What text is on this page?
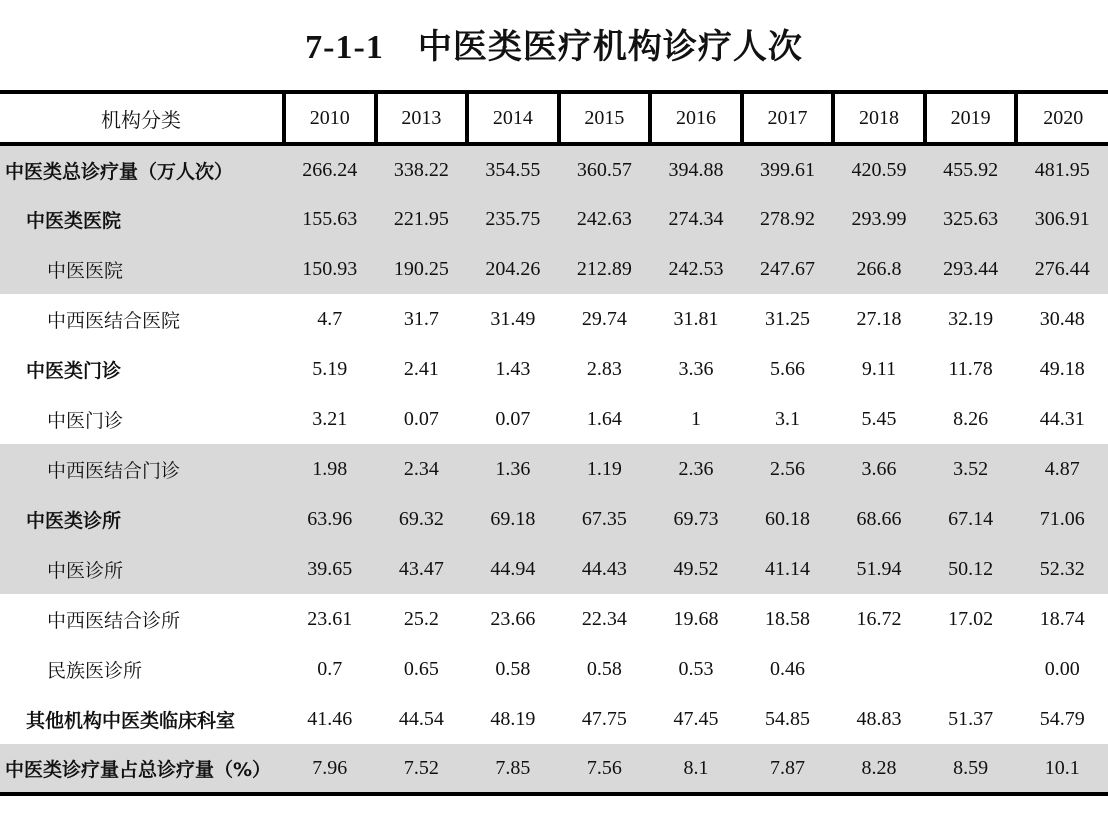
7-1-1 中医类医疗机构诊疗人次
机构分类	2010	2013	2014	2015	2016	2017	2018	2019	2020
中医类总诊疗量（万人次）	266.24	338.22	354.55	360.57	394.88	399.61	420.59	455.92	481.95
中医类医院	155.63	221.95	235.75	242.63	274.34	278.92	293.99	325.63	306.91
中医医院	150.93	190.25	204.26	212.89	242.53	247.67	266.8	293.44	276.44
中西医结合医院	4.7	31.7	31.49	29.74	31.81	31.25	27.18	32.19	30.48
中医类门诊	5.19	2.41	1.43	2.83	3.36	5.66	9.11	11.78	49.18
中医门诊	3.21	0.07	0.07	1.64	1	3.1	5.45	8.26	44.31
中西医结合门诊	1.98	2.34	1.36	1.19	2.36	2.56	3.66	3.52	4.87
中医类诊所	63.96	69.32	69.18	67.35	69.73	60.18	68.66	67.14	71.06
中医诊所	39.65	43.47	44.94	44.43	49.52	41.14	51.94	50.12	52.32
中西医结合诊所	23.61	25.2	23.66	22.34	19.68	18.58	16.72	17.02	18.74
民族医诊所	0.7	0.65	0.58	0.58	0.53	0.46			0.00
其他机构中医类临床科室	41.46	44.54	48.19	47.75	47.45	54.85	48.83	51.37	54.79
中医类诊疗量占总诊疗量（%）	7.96	7.52	7.85	7.56	8.1	7.87	8.28	8.59	10.1
